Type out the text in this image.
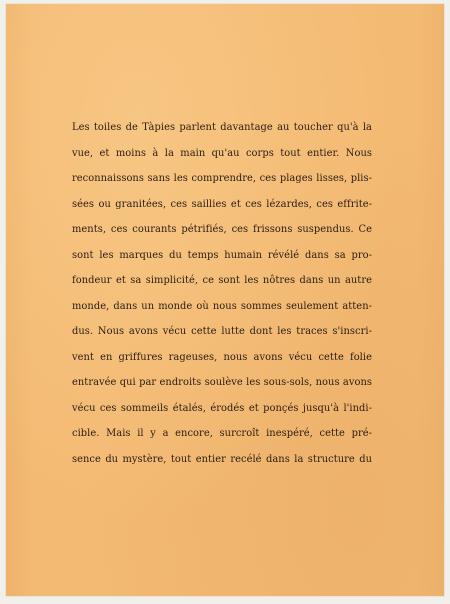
Les toiles de Tàpies parlent davantage au toucher qu'à la
vue, et moins à la main qu'au corps tout entier. Nous
reconnaissons sans les comprendre, ces plages lisses, plis-
sées ou granitées, ces saillies et ces lézardes, ces effrite-
ments, ces courants pétrifiés, ces frissons suspendus. Ce
sont les marques du temps humain révélé dans sa pro-
fondeur et sa simplicité, ce sont les nôtres dans un autre
monde, dans un monde où nous sommes seulement atten-
dus. Nous avons vécu cette lutte dont les traces s'inscri-
vent en griffures rageuses, nous avons vécu cette folie
entravée qui par endroits soulève les sous-sols, nous avons
vécu ces sommeils étalés, érodés et ponçés jusqu'à l'indi-
cible. Mais il y a encore, surcroît inespéré, cette pré-
sence du mystère, tout entier recélé dans la structure du
